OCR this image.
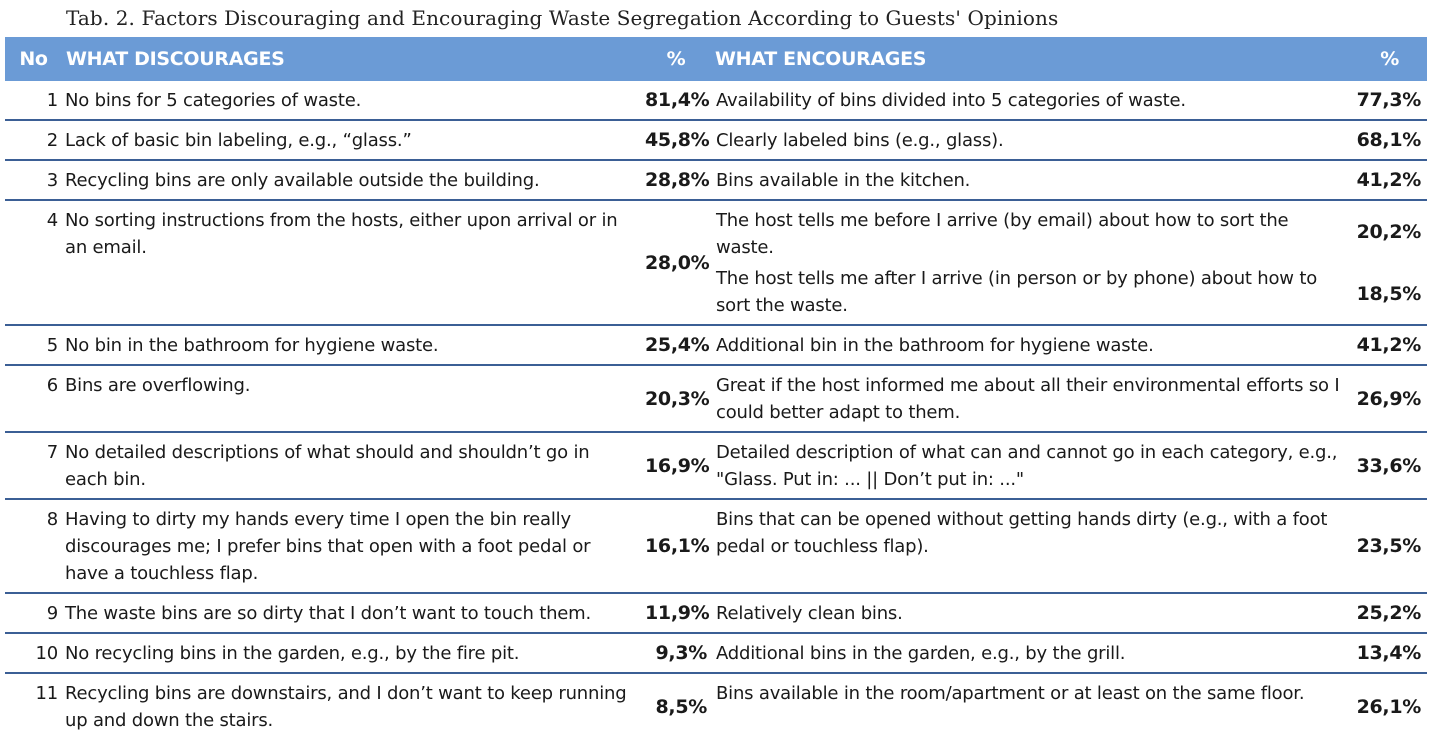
Tab. 2. Factors Discouraging and Encouraging Waste Segregation According to Guests' Opinions
No	WHAT DISCOURAGES	%	WHAT ENCOURAGES	%
1	No bins for 5 categories of waste.	81,4%	Availability of bins divided into 5 categories of waste.	77,3%
2	Lack of basic bin labeling, e.g., “glass.”	45,8%	Clearly labeled bins (e.g., glass).	68,1%
3	Recycling bins are only available outside the building.	28,8%	Bins available in the kitchen.	41,2%
4	No sorting instructions from the hosts, either upon arrival or in an email.	28,0%	The host tells me before I arrive (by email) about how to sort the waste.	20,2%
			The host tells me after I arrive (in person or by phone) about how to sort the waste.	18,5%
5	No bin in the bathroom for hygiene waste.	25,4%	Additional bin in the bathroom for hygiene waste.	41,2%
6	Bins are overflowing.	20,3%	Great if the host informed me about all their environmental efforts so I could better adapt to them.	26,9%
7	No detailed descriptions of what should and shouldn’t go in each bin.	16,9%	Detailed description of what can and cannot go in each category, e.g., "Glass. Put in: ... || Don’t put in: ..."	33,6%
8	Having to dirty my hands every time I open the bin really discourages me; I prefer bins that open with a foot pedal or have a touchless flap.	16,1%	Bins that can be opened without getting hands dirty (e.g., with a foot pedal or touchless flap).	23,5%
9	The waste bins are so dirty that I don’t want to touch them.	11,9%	Relatively clean bins.	25,2%
10	No recycling bins in the garden, e.g., by the fire pit.	9,3%	Additional bins in the garden, e.g., by the grill.	13,4%
11	Recycling bins are downstairs, and I don’t want to keep running up and down the stairs.	8,5%	Bins available in the room/apartment or at least on the same floor.	26,1%
